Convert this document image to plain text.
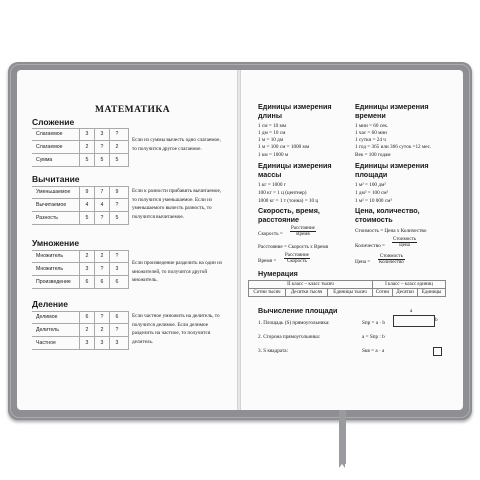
МАТЕМАТИКА
Сложение
Слагаемое	3	3	?
Слагаемое	2	?	2
Сумма	5	5	5
Если из суммы вычесть одно слагаемое, то получится другое слагаемое.
Вычитание
Уменьшаемое	9	7	9
Вычитаемое	4	4	?
Разность	5	?	5
Если к разности прибавить вычитаемое, то получится уменьшаемое. Если из уменьшаемого вычесть разность, то получится вычитаемое.
Умножение
Множитель	2	2	?
Множитель	3	?	3
Произведение	6	6	6
Если произведение разделить на один из множителей, то получится другой множитель.
Деление
Делимое	6	?	6
Делитель	2	2	?
Частное	3	3	3
Если частное умножить на делитель, то получится делимое. Если делимое разделить на частное, то получится делитель.
Единицы измерения длины
1 см = 10 мм
1 дм = 10 см
1 м = 10 дм
1 м = 100 см = 1000 мм
1 км = 1000 м
Единицы измерения времени
1 мин = 60 сек.
1 час = 60 мин
1 сутки = 24 ч
1 год = 365 или 366 суток =12 мес.
Век = 100 годам
Единицы измерения массы
1 кг = 1000 г
100 кг = 1 ц (центнер)
1000 кг = 1 т (тонна) = 10 ц
Единицы измерения площади
1 м² = 100 дм²
1 дм² = 100 см²
1 м² = 10 000 см²
Скорость, время, расстояние
Скорость =
Расстояние
Время
Расстояние = Скорость х Время
Время =
Расстояние
Скорость
Цена, количество, стоимость
Стоимость = Цена х Количество
Количество =
Стоимость
Цена
Цена =
Стоимость
Количество
Нумерация
II класс – класс тысяч			I класс – класс единиц		
Сотни тысяч	Десятки тысяч	Единицы тысяч	Сотни	Десятки	Единицы
Вычисление площади
1. Площадь (S) прямоугольника:	Sпр = a · b
2. Сторона прямоугольника:	a = Sпр : b
3. S квадрата:	Sкв = a · a
a
b
